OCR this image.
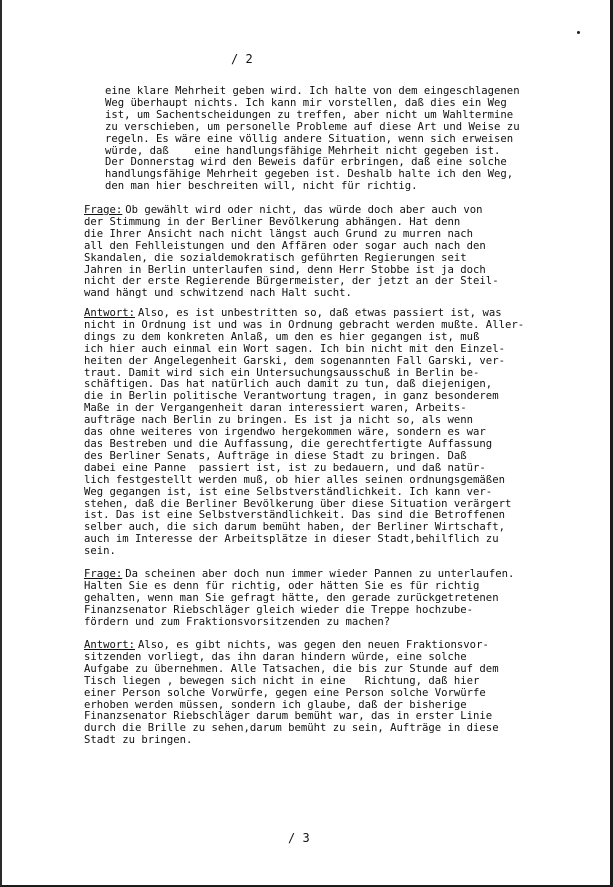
/ 2
eine klare Mehrheit geben wird. Ich halte von dem eingeschlagenen
Weg überhaupt nichts. Ich kann mir vorstellen, daß dies ein Weg
ist, um Sachentscheidungen zu treffen, aber nicht um Wahltermine
zu verschieben, um personelle Probleme auf diese Art und Weise zu
regeln. Es wäre eine völlig andere Situation, wenn sich erweisen
würde, daß    eine handlungsfähige Mehrheit nicht gegeben ist.
Der Donnerstag wird den Beweis dafür erbringen, daß eine solche
handlungsfähige Mehrheit gegeben ist. Deshalb halte ich den Weg,
den man hier beschreiten will, nicht für richtig.
Frage: Ob gewählt wird oder nicht, das würde doch aber auch von
der Stimmung in der Berliner Bevölkerung abhängen. Hat denn
die Ihrer Ansicht nach nicht längst auch Grund zu murren nach
all den Fehlleistungen und den Affären oder sogar auch nach den
Skandalen, die sozialdemokratisch geführten Regierungen seit
Jahren in Berlin unterlaufen sind, denn Herr Stobbe ist ja doch
nicht der erste Regierende Bürgermeister, der jetzt an der Steil-
wand hängt und schwitzend nach Halt sucht.
Antwort: Also, es ist unbestritten so, daß etwas passiert ist, was
nicht in Ordnung ist und was in Ordnung gebracht werden mußte. Aller-
dings zu dem konkreten Anlaß, um den es hier gegangen ist, muß
ich hier auch einmal ein Wort sagen. Ich bin nicht mit den Einzel-
heiten der Angelegenheit Garski, dem sogenannten Fall Garski, ver-
traut. Damit wird sich ein Untersuchungsausschuß in Berlin be-
schäftigen. Das hat natürlich auch damit zu tun, daß diejenigen,
die in Berlin politische Verantwortung tragen, in ganz besonderem
Maße in der Vergangenheit daran interessiert waren, Arbeits-
aufträge nach Berlin zu bringen. Es ist ja nicht so, als wenn
das ohne weiteres von irgendwo hergekommen wäre, sondern es war
das Bestreben und die Auffassung, die gerechtfertigte Auffassung
des Berliner Senats, Aufträge in diese Stadt zu bringen. Daß
dabei eine Panne  passiert ist, ist zu bedauern, und daß natür-
lich festgestellt werden muß, ob hier alles seinen ordnungsgemäßen
Weg gegangen ist, ist eine Selbstverständlichkeit. Ich kann ver-
stehen, daß die Berliner Bevölkerung über diese Situation verärgert
ist. Das ist eine Selbstverständlichkeit. Das sind die Betroffenen
selber auch, die sich darum bemüht haben, der Berliner Wirtschaft,
auch im Interesse der Arbeitsplätze in dieser Stadt,behilflich zu
sein.
Frage: Da scheinen aber doch nun immer wieder Pannen zu unterlaufen.
Halten Sie es denn für richtig, oder hätten Sie es für richtig
gehalten, wenn man Sie gefragt hätte, den gerade zurückgetretenen
Finanzsenator Riebschläger gleich wieder die Treppe hochzube-
fördern und zum Fraktionsvorsitzenden zu machen?
Antwort: Also, es gibt nichts, was gegen den neuen Fraktionsvor-
sitzenden vorliegt, das ihn daran hindern würde, eine solche
Aufgabe zu übernehmen. Alle Tatsachen, die bis zur Stunde auf dem
Tisch liegen , bewegen sich nicht in eine   Richtung, daß hier
einer Person solche Vorwürfe, gegen eine Person solche Vorwürfe
erhoben werden müssen, sondern ich glaube, daß der bisherige
Finanzsenator Riebschläger darum bemüht war, das in erster Linie
durch die Brille zu sehen,darum bemüht zu sein, Aufträge in diese
Stadt zu bringen.
/ 3
